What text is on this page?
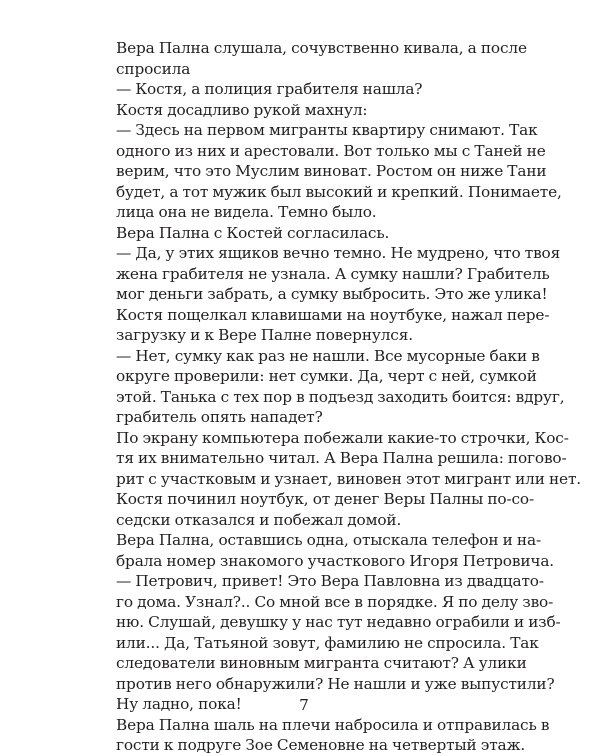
Вера Пална слушала, сочувственно кивала, а после
спросила
— Костя, а полиция грабителя нашла?
Костя досадливо рукой махнул:
— Здесь на первом мигранты квартиру снимают. Так
одного из них и арестовали. Вот только мы с Таней не
верим, что это Муслим виноват. Ростом он ниже Тани
будет, а тот мужик был высокий и крепкий. Понимаете,
лица она не видела. Темно было.
Вера Пална с Костей согласилась.
— Да, у этих ящиков вечно темно. Не мудрено, что твоя
жена грабителя не узнала. А сумку нашли? Грабитель
мог деньги забрать, а сумку выбросить. Это же улика!
Костя пощелкал клавишами на ноутбуке, нажал пере-
загрузку и к Вере Палне повернулся.
— Нет, сумку как раз не нашли. Все мусорные баки в
округе проверили: нет сумки. Да, черт с ней, сумкой
этой. Танька с тех пор в подъезд заходить боится: вдруг,
грабитель опять нападет?
По экрану компьютера побежали какие-то строчки, Кос-
тя их внимательно читал. А Вера Пална решила: погово-
рит с участковым и узнает, виновен этот мигрант или нет.
Костя починил ноутбук, от денег Веры Палны по-со-
седски отказался и побежал домой.
Вера Пална, оставшись одна, отыскала телефон и на-
брала номер знакомого участкового Игоря Петровича.
— Петрович, привет! Это Вера Павловна из двадцато-
го дома. Узнал?.. Со мной все в порядке. Я по делу зво-
ню. Слушай, девушку у нас тут недавно ограбили и изб-
или... Да, Татьяной зовут, фамилию не спросила. Так
следователи виновным мигранта считают? А улики
против него обнаружили? Не нашли и уже выпустили?
Ну ладно, пока!
Вера Пална шаль на плечи набросила и отправилась в
гости к подруге Зое Семеновне на четвертый этаж.
7
